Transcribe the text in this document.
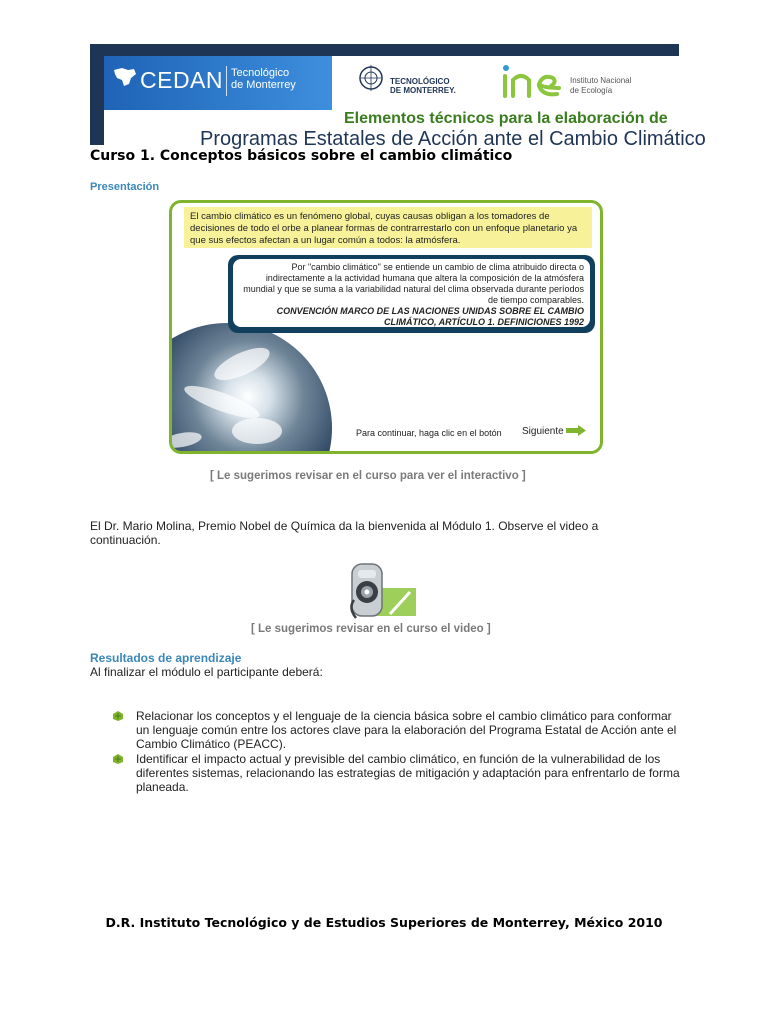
CEDAN Tecnológico
de Monterrey	TECNOLÓGICO
DE MONTERREY.
Instituto Nacional
de Ecología
Elementos técnicos para la elaboración de
Programas Estatales de Acción ante el Cambio Climático
Curso 1. Conceptos básicos sobre el cambio climático
Presentación
El cambio climático es un fenómeno global, cuyas causas obligan a los tomadores de decisiones de todo el orbe a planear formas de contrarrestarlo con un enfoque planetario ya que sus efectos afectan a un lugar común a todos: la atmósfera.
Por "cambio climático" se entiende un cambio de clima atribuido directa o indirectamente a la actividad humana que altera la composición de la atmósfera mundial y que se suma a la variabilidad natural del clima observada durante períodos de tiempo comparables.
CONVENCIÓN MARCO DE LAS NACIONES UNIDAS SOBRE EL CAMBIO CLIMÁTICO, ARTÍCULO 1. DEFINICIONES 1992
Para continuar, haga clic en el botón Siguiente
[ Le sugerimos revisar en el curso para ver el interactivo ]
El Dr. Mario Molina, Premio Nobel de Química da la bienvenida al Módulo 1. Observe el video a continuación.
[ Le sugerimos revisar en el curso el video ]
Resultados de aprendizaje
Al finalizar el módulo el participante deberá:
Relacionar los conceptos y el lenguaje de la ciencia básica sobre el cambio climático para conformar un lenguaje común entre los actores clave para la elaboración del Programa Estatal de Acción ante el Cambio Climático (PEACC).
Identificar el impacto actual y previsible del cambio climático, en función de la vulnerabilidad de los diferentes sistemas, relacionando las estrategias de mitigación y adaptación para enfrentarlo de forma planeada.
D.R. Instituto Tecnológico y de Estudios Superiores de Monterrey, México 2010
